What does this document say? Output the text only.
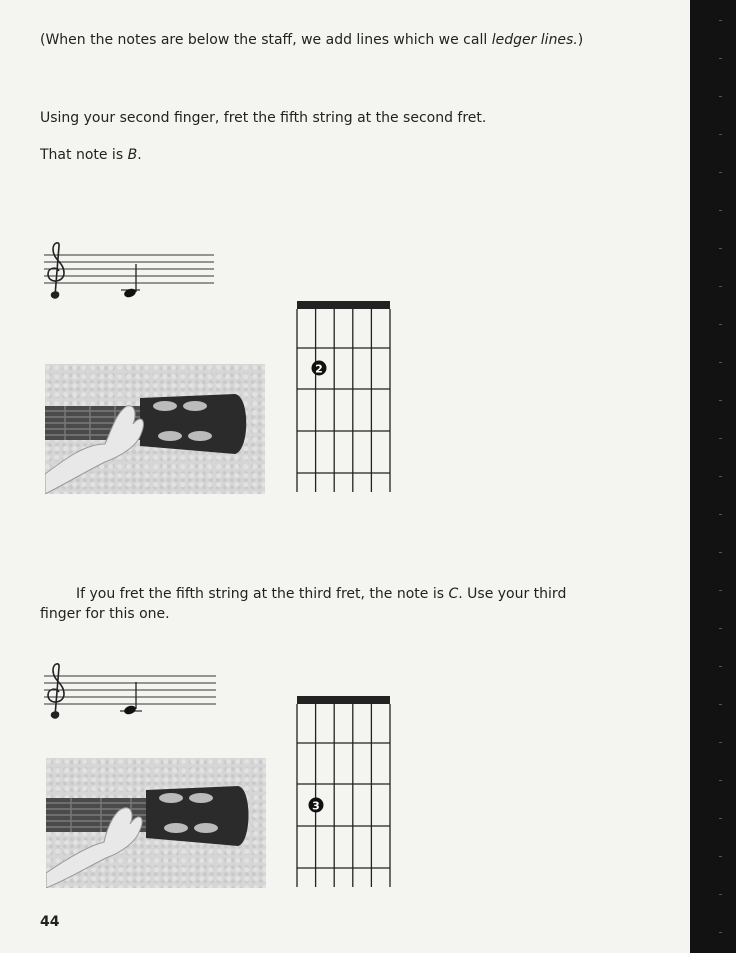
(When the notes are below the staff, we add lines which we call ledger lines.)

Using your second finger, fret the fifth string at the second fret.

That note is B.

2

If you fret the fifth string at the third fret, the note is C. Use your third

finger for this one.

3

44
